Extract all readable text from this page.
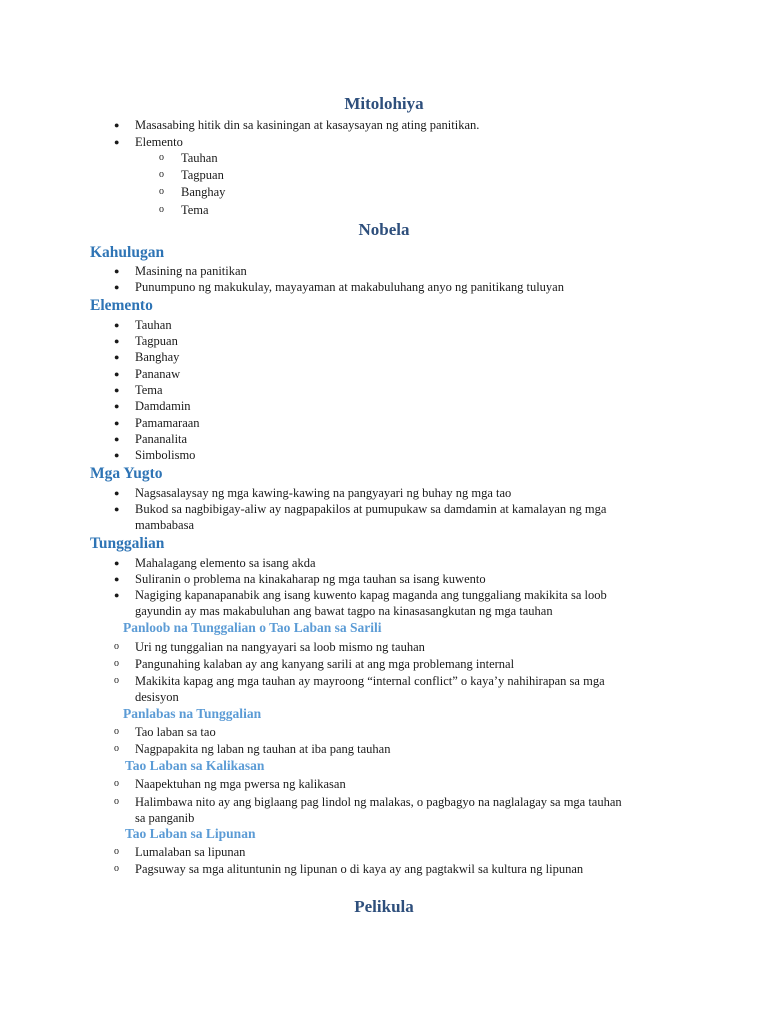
Mitolohiya
● Masasabing hitik din sa kasiningan at kasaysayan ng ating panitikan.
● Elemento
o Tauhan
o Tagpuan
o Banghay
o Tema
Nobela
Kahulugan
● Masining na panitikan
● Punumpuno ng makukulay, mayayaman at makabuluhang anyo ng panitikang tuluyan
Elemento
● Tauhan
● Tagpuan
● Banghay
● Pananaw
● Tema
● Damdamin
● Pamamaraan
● Pananalita
● Simbolismo
Mga Yugto
● Nagsasalaysay ng mga kawing-kawing na pangyayari ng buhay ng mga tao
● Bukod sa nagbibigay-aliw ay nagpapakilos at pumupukaw sa damdamin at kamalayan ng mga
mambabasa
Tunggalian
● Mahalagang elemento sa isang akda
● Suliranin o problema na kinakaharap ng mga tauhan sa isang kuwento
● Nagiging kapanapanabik ang isang kuwento kapag maganda ang tunggaliang makikita sa loob
gayundin ay mas makabuluhan ang bawat tagpo na kinasasangkutan ng mga tauhan
Panloob na Tunggalian o Tao Laban sa Sarili
o Uri ng tunggalian na nangyayari sa loob mismo ng tauhan
o Pangunahing kalaban ay ang kanyang sarili at ang mga problemang internal
o Makikita kapag ang mga tauhan ay mayroong “internal conflict” o kaya’y nahihirapan sa mga
desisyon
Panlabas na Tunggalian
o Tao laban sa tao
o Nagpapakita ng laban ng tauhan at iba pang tauhan
Tao Laban sa Kalikasan
o Naapektuhan ng mga pwersa ng kalikasan
o Halimbawa nito ay ang biglaang pag lindol ng malakas, o pagbagyo na naglalagay sa mga tauhan
sa panganib
Tao Laban sa Lipunan
o Lumalaban sa lipunan
o Pagsuway sa mga alituntunin ng lipunan o di kaya ay ang pagtakwil sa kultura ng lipunan
Pelikula
